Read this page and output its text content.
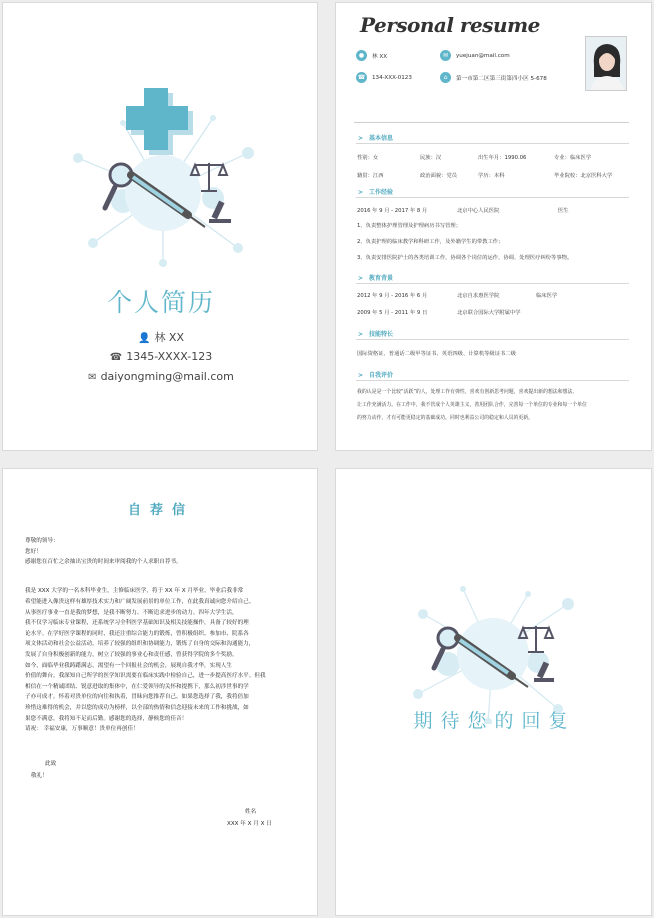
个人简历
👤 林 XX
☎ 1345-XXXX-123
✉ daiyongming@mail.com
Personal resume
●	林 XX	✉	yuejuan@mail.com
☎	134-XXX-0123	⌂	第一市第二区第三街第四小区 5-678
> 基本信息
性别：女	民族：汉	出生年月：1990.06	专业：临床医学
籍贯：江西	政治面貌：党员	学历：本科	毕业院校：北京医科大学
> 工作经验
2016 年 9 月 - 2017 年 8 月	北京中心人民医院	医生
1、负责整体护理管理及护理病历书写管理；
2、负责护理的临床教学和科研工作，及外籍学生的带教工作；
3、负责安排医院护士的各类培训工作，协调各个岗位的运作，协调、处理医疗纠纷等事物。
> 教育背景
2012 年 9 月 - 2016 年 6 月	北京自求惠医学院	临床医学
2009 年 5 月 - 2011 年 9 日	北京联合国际大学附属中学
> 技能特长
国际资格证、普通话二级甲等证书、英语四级、计算机等级证书二级
> 自我评价
我的认是是一个比较“活跃”的人，处理工作有弹性，喜欢有创新思考问题，喜欢提出新的想法和想法，
让工作充满活力。在工作中，我不管成个人英雄主义，善用团队合作，完善每一个单位的专业和每一个单位
的努力动作，才有可能更稳定的基础成功。同时也利益公司的稳定和人员的更新。
自荐信
尊敬的领导：
您好！
感谢您在百忙之余抽出宝贵的时间来审阅我的个人求职自荐书。
我是 XXX 大学的一名本科毕业生，主修临床医学，将于 XX 年 X 月毕业。毕业后我非常
希望能进入像贵这样有雄厚技术实力和广阔发展前景的单位工作，在此我真诚向您介绍自己。
从事医疗事业一直是我的梦想，是我不断努力、不断追求进步的动力。四年大学生活，
我不仅学习临床专业课程，还系统学习全科医学基础知识及相关技能操作，具备了较好的理
论水平。在学好医学课程的同时，我还注重综合能力的锻炼，曾积极组织、参加市、院系各
项文体活动和社会公益活动，培养了较强的组织和协调能力，锻炼了自身的交际和沟通能力，
发展了自身积极创新的能力，树立了较强的事业心和责任感，曾获得学院的多个奖励。
如今，面临毕业我踌躇满志，渴望有一个回报社会的机会，展现自我才华，实现人生
价值的舞台。我深知自己所学的医学知识需要在临床实践中检验自己，进一步提高医疗水平。但我
相信在一个精诚团结、锐意进取的集体中，在仁爱领导的关怀和提携下，那么初涉世事的学
子亦可成才。怀着对贵单位的向往和执着，冒昧向您推荐自己，如果您选择了我，我将倍加
珍惜这难得的机会，并以您的成功为榜样，以全部的热情和信念迎接未来的工作和挑战，如
果您不满意，我将知不足而后勤。感谢您的选择，静候您的佳音！
请祝： 幸福安康，万事顺意！贵单位再创佳！
此致
敬礼！
姓名
XXX 年 X 月 X 日
期待您的回复
